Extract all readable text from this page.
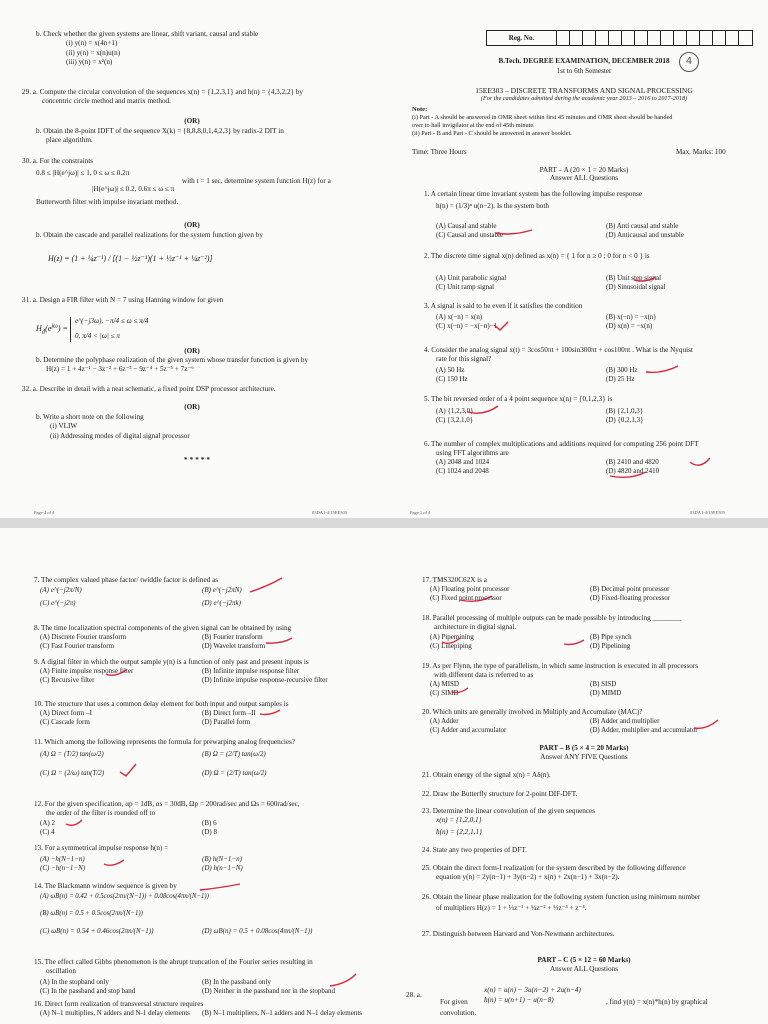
b. Check whether the given systems are linear, shift variant, causal and stable
(i) y(n) = x(4n+1)
(ii) y(n) = x(n)u(n)
(iii) y(n) = x²(n)
29. a. Compute the circular convolution of the sequences x(n) = {1,2,3,1} and h(n) = {4,3,2,2} by
concentric circle method and matrix method.
(OR)
b. Obtain the 8-point IDFT of the sequence X(k) = {8,8,8,0,1,4,2,3} by radix-2 DIT in
place algorithm.
30. a. For the constraints
0.8 ≤ |H(e^jω)| ≤ 1, 0 ≤ ω ≤ 0.2π
with t = 1 sec, determine system function H(z) for a
|H(e^jω)| ≤ 0.2, 0.6π ≤ ω ≤ π
Butterworth filter with impulse invariant method.
(OR)
b. Obtain the cascade and parallel realizations for the system function given by
H(z) = (1 + ¼z⁻¹) / [(1 − ½z⁻¹)(1 + ½z⁻¹ + ¼z⁻²)]
31. a. Design a FIR filter with N = 7 using Hanning window for given
$H_d(e^{j\omega})$ =
e^(−j3ω), −π/4 ≤ ω ≤ π/4
0, π/4 < |ω| ≤ π
(OR)
b. Determine the polyphase realization of the given system whose transfer function is given by
H(z) = 1 + 4z⁻¹ − 3z⁻² + 6z⁻³ − 9z⁻⁴ + 5z⁻⁵ + 7z⁻⁶
32. a. Describe in detail with a neat schematic, a fixed point DSP processor architecture.
(OR)
b. Write a short note on the following
(i) VLIW
(ii) Addressing modes of digital signal processor
*****
Page 4 of 4	03DA1-4/15EE303
Reg. No.
B.Tech. DEGREE EXAMINATION, DECEMBER 2018
1st to 6th Semester
4
15EE303 – DISCRETE TRANSFORMS AND SIGNAL PROCESSING
(For the candidates admitted during the academic year 2013 – 2016 to 2017-2018)
Note:
(i) Part - A should be answered in OMR sheet within first 45 minutes and OMR sheet should be handed
over to hall invigilator at the end of 45th minute.
(ii) Part - B and Part - C should be answered in answer booklet.
Time: Three Hours	Max. Marks: 100
PART – A (20 × 1 = 20 Marks)
Answer ALL Questions
1. A certain linear time invariant system has the following impulse response
h(n) = (1/3)ⁿ u(n−2). Is the system both
(A) Causal and stable	(B) Anti causal and stable
(C) Causal and unstable	(D) Anticausal and unstable
2. The discrete time signal x(n) defined as x(n) = { 1 for n ≥ 0 ; 0 for n < 0 } is
(A) Unit parabolic signal	(B) Unit step signal
(C) Unit ramp signal	(D) Sinusoidal signal
3. A signal is said to be even if it satisfies the condition
(A) x(−n) = x(n)	(B) x(−n) = −x(n)
(C) x(−n) = −x(−n)−1	(D) x(n) = −x(n)
4. Consider the analog signal x(t) = 3cos50πt + 100sin300πt + cos100πt . What is the Nyquist
rate for this signal?
(A) 50 Hz	(B) 300 Hz
(C) 150 Hz	(D) 25 Hz
5. The bit reversed order of a 4 point sequence x(n) = {0,1,2,3} is
(A) {1,2,3,0}	(B) {2,1,0,3}
(C) {3,2,1,0}	(D) {0,2,1,3}
6. The number of complex multiplications and additions required for computing 256 point DFT
using FFT algorithms are
(A) 2048 and 1024	(B) 2410 and 4820
(C) 1024 and 2048	(D) 4820 and 2410
Page 1 of 4	03DA1-4/15EE303
7. The complex valued phase factor/ twiddle factor is defined as
(A) e^(−j2π/N)	(B) e^(−j2πN)
(C) e^(−j2π)	(D) e^(−j2πk)
8. The time localization spectral components of the given signal can be obtained by using
(A) Discrete Fourier transform	(B) Fourier transform
(C) Fast Fourier transform	(D) Wavelet transform
9. A digital filter in which the output sample y(n) is a function of only past and present inputs is
(A) Finite impulse response filter	(B) Infinite impulse response filter
(C) Recursive filter	(D) Infinite impulse response-recursive filter
10. The structure that uses a common delay element for both input and output samples is
(A) Direct form –I	(B) Direct form –II
(C) Cascade form	(D) Parallel form
11. Which among the following represents the formula for prewarping analog frequencies?
(A) Ω = (T/2) tan(ω/2)	(B) Ω = (2/T) tan(ω/2)
(C) Ω = (2/ω) tan(T/2)	(D) Ω = (2/T) tan(ω/2)
12. For the given specification, αp = 1dB, αs = 30dB, Ωp = 200rad/sec and Ωs = 600rad/sec,
the order of the filter is rounded off to
(A) 2	(B) 6
(C) 4	(D) 8
13. For a symmetrical impulse response h(n) =
(A) −h(N−1−n)	(B) h(N−1−n)
(C) −h(n−1−N)	(D) h(n−1−N)
14. The Blackmann window sequence is given by
(A) ωB(n) = 0.42 + 0.5cos(2πn/(N−1)) + 0.08cos(4πn/(N−1))
(B) ωB(n) = 0.5 + 0.5cos(2πn/(N−1))
(C) ωB(n) = 0.54 + 0.46cos(2πn/(N−1))	(D) ωB(n) = 0.5 + 0.08cos(4πn/(N−1))
15. The effect called Gibbs phenomenon is the abrupt truncation of the Fourier series resulting in
oscillation
(A) In the stopband only	(B) In the passband only
(C) In the passband and stop band	(D) Neither in the passband nor in the stopband
16. Direct form realization of transversal structure requires
(A) N–1 multiplies, N adders and N-1 delay elements	(B) N–1 multipliers, N–1 adders and N–1 delay elements
17. TMS320C62X is a
(A) Floating point processor	(B) Decimal point processor
(C) Fixed point processor	(D) Fixed-floating processor
18. Parallel processing of multiple outputs can be made possible by introducing ________
architecture in digital signal.
(A) Pipemining	(B) Pipe synch
(C) Linepiping	(D) Pipelining
19. As per Flynn, the type of parallelism, in which same instruction is executed in all processors
with different data is referred to as
(A) MISD	(B) SISD
(C) SIMD	(D) MIMD
20. Which units are generally involved in Multiply and Accumulate (MAC)?
(A) Adder	(B) Adder and multiplier
(C) Adder and accumulator	(D) Adder, multiplier and accumulator
PART – B (5 × 4 = 20 Marks)
Answer ANY FIVE Questions
21. Obtain energy of the signal x(n) = Aδ(n).
22. Draw the Butterfly structure for 2-point DIF-DFT.
23. Determine the linear convolution of the given sequences
x(n) = {1,2,0,1}
h(n) = {2,2,1,1}
24. State any two properties of DFT.
25. Obtain the direct form-I realization for the system described by the following difference
equation y(n) = 2y(n−1) + 3y(n−2) + x(n) + 2x(n−1) + 3x(n−2).
26. Obtain the linear phase realization for the following system function using minimum number
of multipliers H(z) = 1 + ⅓z⁻¹ + ¼z⁻² + ⅓z⁻³ + z⁻⁴.
27. Distinguish between Harvard and Von-Newmann architectures.
PART – C (5 × 12 = 60 Marks)
Answer ALL Questions
28. a.
For given
x(n) = u(n) − 3u(n−2) + 2u(n−4)
h(n) = u(n+1) − u(n−8)	, find y(n) = x(n)*h(n) by graphical
convolution.
